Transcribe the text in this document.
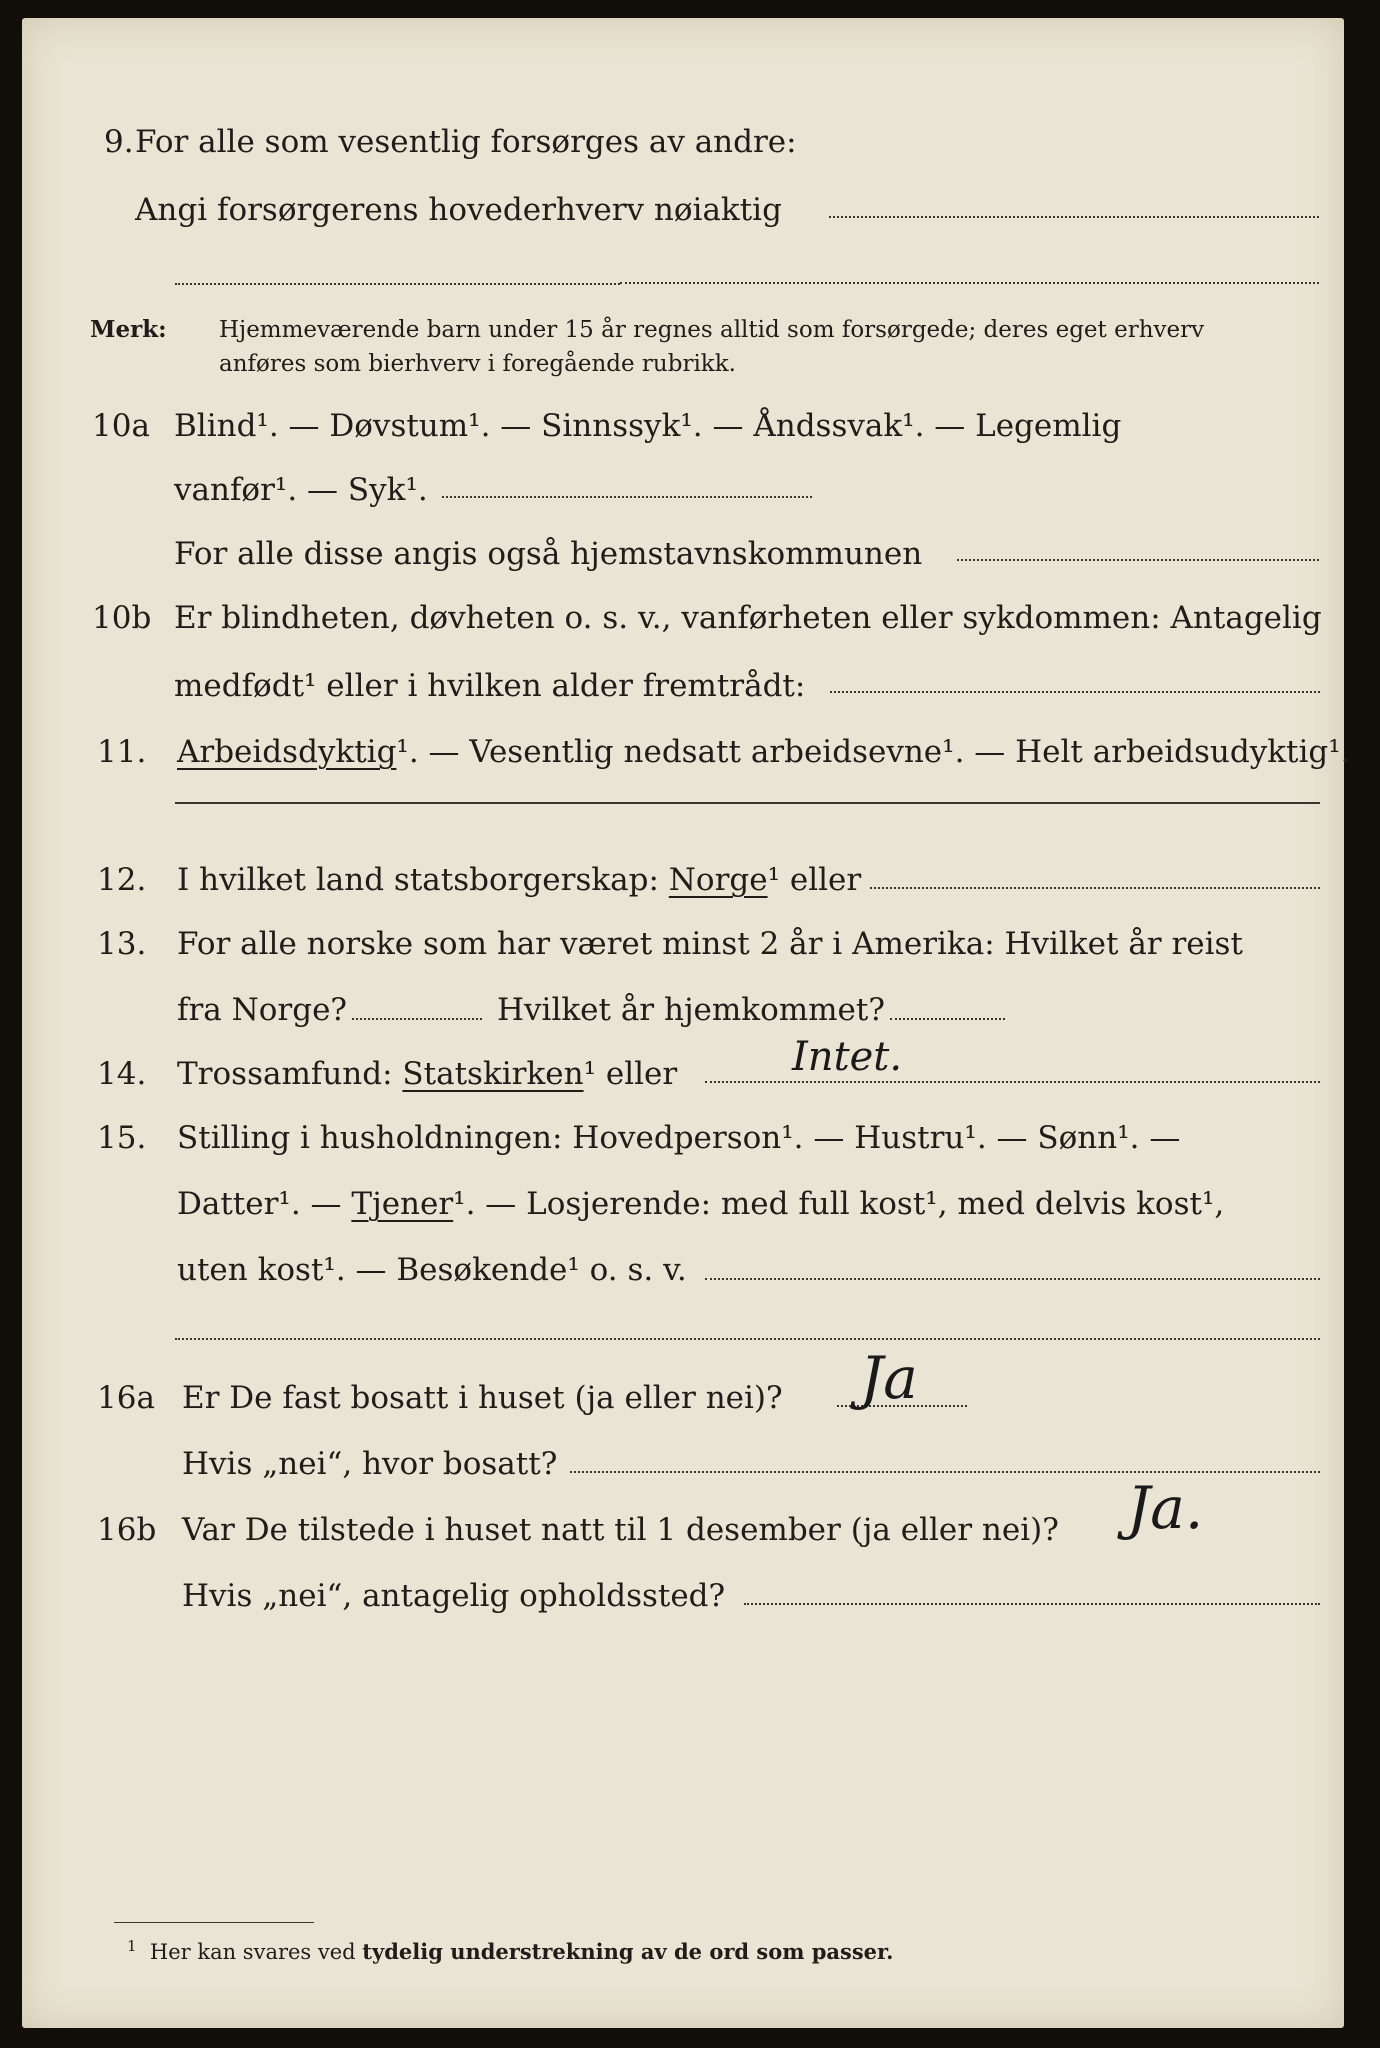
9. For alle som vesentlig forsørges av andre:
Angi forsørgerens hovederhverv nøiaktig
Merk: Hjemmeværende barn under 15 år regnes alltid som forsørgede; deres eget erhverv
anføres som bierhverv i foregående rubrikk.
10a Blind¹. — Døvstum¹. — Sinnssyk¹. — Åndssvak¹. — Legemlig
vanfør¹. — Syk¹.
For alle disse angis også hjemstavnskommunen
10b Er blindheten, døvheten o. s. v., vanførheten eller sykdommen: Antagelig
medfødt¹ eller i hvilken alder fremtrådt:
11. Arbeidsdyktig¹. — Vesentlig nedsatt arbeidsevne¹. — Helt arbeidsudyktig¹.
12. I hvilket land statsborgerskap: Norge¹ eller
13. For alle norske som har været minst 2 år i Amerika: Hvilket år reist
fra Norge?	Hvilket år hjemkommet?
14. Trossamfund: Statskirken¹ eller	Intet.
15. Stilling i husholdningen: Hovedperson¹. — Hustru¹. — Sønn¹. —
Datter¹. — Tjener¹. — Losjerende: med full kost¹, med delvis kost¹,
uten kost¹. — Besøkende¹ o. s. v.
16a Er De fast bosatt i huset (ja eller nei)? Ja
Hvis „nei“, hvor bosatt?
16b Var De tilstede i huset natt til 1 desember (ja eller nei)? Ja.
Hvis „nei“, antagelig opholdssted?
$^1$ Her kan svares ved tydelig understrekning av de ord som passer.
